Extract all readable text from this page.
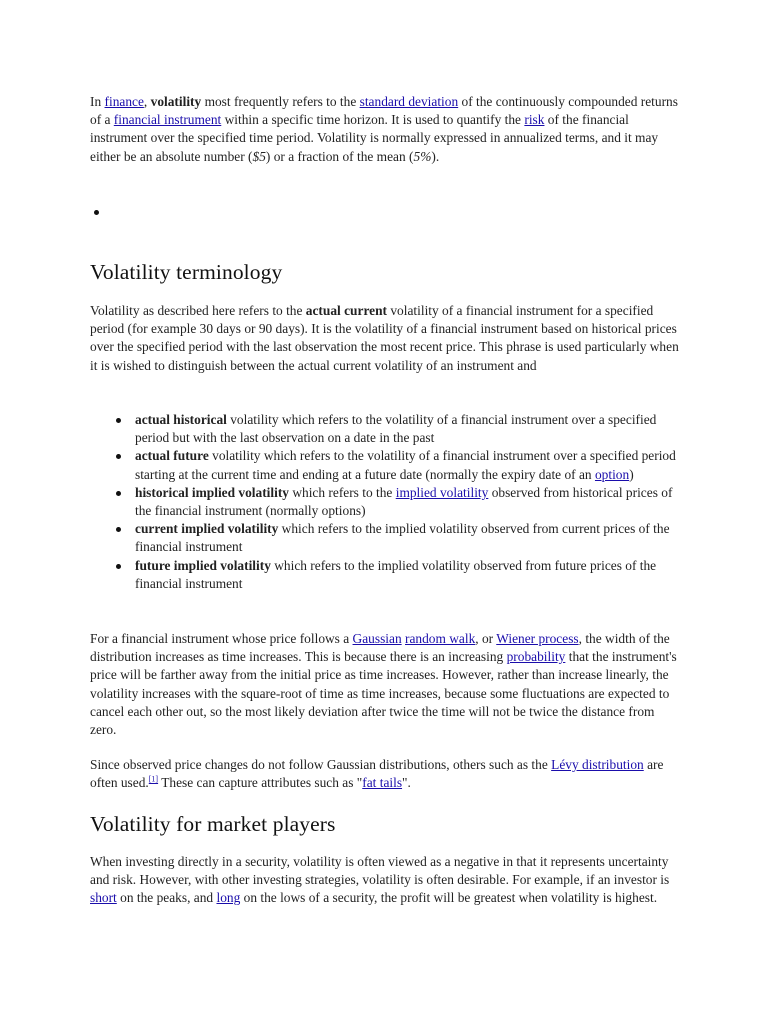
In finance, volatility most frequently refers to the standard deviation of the continuously compounded returns of a financial instrument within a specific time horizon. It is used to quantify the risk of the financial instrument over the specified time period. Volatility is normally expressed in annualized terms, and it may either be an absolute number ($5) or a fraction of the mean (5%).

Volatility terminology

Volatility as described here refers to the actual current volatility of a financial instrument for a specified period (for example 30 days or 90 days). It is the volatility of a financial instrument based on historical prices over the specified period with the last observation the most recent price. This phrase is used particularly when it is wished to distinguish between the actual current volatility of an instrument and

actual historical volatility which refers to the volatility of a financial instrument over a specified period but with the last observation on a date in the past
actual future volatility which refers to the volatility of a financial instrument over a specified period starting at the current time and ending at a future date (normally the expiry date of an option)
historical implied volatility which refers to the implied volatility observed from historical prices of the financial instrument (normally options)
current implied volatility which refers to the implied volatility observed from current prices of the financial instrument
future implied volatility which refers to the implied volatility observed from future prices of the financial instrument

For a financial instrument whose price follows a Gaussian random walk, or Wiener process, the width of the distribution increases as time increases. This is because there is an increasing probability that the instrument's price will be farther away from the initial price as time increases. However, rather than increase linearly, the volatility increases with the square-root of time as time increases, because some fluctuations are expected to cancel each other out, so the most likely deviation after twice the time will not be twice the distance from zero.

Since observed price changes do not follow Gaussian distributions, others such as the Lévy distribution are often used.[1] These can capture attributes such as "fat tails".

Volatility for market players

When investing directly in a security, volatility is often viewed as a negative in that it represents uncertainty and risk. However, with other investing strategies, volatility is often desirable. For example, if an investor is short on the peaks, and long on the lows of a security, the profit will be greatest when volatility is highest.
